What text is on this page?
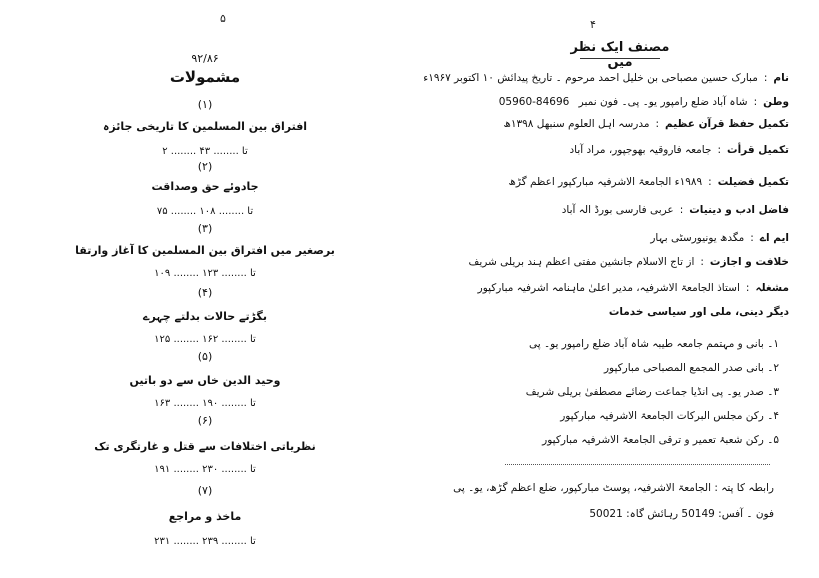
۵
۹۲/۸۶
مشمولات
(۱)
افتراق بین المسلمین کا تاریخی جائزہ
۲ ........ تا ........ ۴۳
(۲)
جادوئے حق وصداقت
۷۵ ........ تا ........ ۱۰۸
(۳)
برصغیر میں افتراق بین المسلمین کا آغاز وارتقا
۱۰۹ ........ تا ........ ۱۲۳
(۴)
بگڑتے حالات بدلتے چہرے
۱۲۵ ........ تا ........ ۱۶۲
(۵)
وحید الدین خاں سے دو باتیں
۱۶۳ ........ تا ........ ۱۹۰
(۶)
نظریاتی اختلافات سے قتل و غارتگری تک
۱۹۱ ........ تا ........ ۲۳۰
(۷)
ماخذ و مراجع
۲۳۱ ........ تا ........ ۲۳۹
۴
مصنف ایک نظر میں
نام:مبارک حسین مصباحی بن خلیل احمد مرحوم ۔ تاریخ پیدائش ۱۰ اکتوبر ۱۹۶۷ء
وطن:شاہ آباد ضلع رامپور یو۔ پی۔ فون نمبر 05960-84696
تکمیل حفظ قرآن عظیم:مدرسہ اہل العلوم سنبھل ۱۳۹۸ھ
تکمیل قرأت:جامعہ فاروقیہ بھوجپور، مراد آباد
تکمیل فضیلت:۱۹۸۹ء الجامعۃ الاشرفیہ مبارکپور اعظم گڑھ
فاضل ادب و دینیات:عربی فارسی بورڈ الہ آباد
ایم اے:مگدھ یونیورسٹی بہار
خلافت و اجازت:از تاج الاسلام جانشین مفتی اعظم ہند بریلی شریف
مشغلہ:استاذ الجامعۃ الاشرفیہ، مدیر اعلیٰ ماہنامہ اشرفیہ مبارکپور
دیگر دینی، ملی اور سیاسی خدمات
۱۔ بانی و مہتمم جامعہ طیبہ شاہ آباد ضلع رامپور یو۔ پی
۲۔ بانی صدر المجمع المصباحی مبارکپور
۳۔ صدر یو۔ پی انڈیا جماعت رضائے مصطفیٰ بریلی شریف
۴۔ رکن مجلس البرکات الجامعۃ الاشرفیہ مبارکپور
۵۔ رکن شعبۂ تعمیر و ترقی الجامعۃ الاشرفیہ مبارکپور
رابطہ کا پتہ : الجامعۃ الاشرفیہ، پوسٹ مبارکپور، ضلع اعظم گڑھ، یو۔ پی
فون ۔ آفس: 50149 رہائش گاہ: 50021
